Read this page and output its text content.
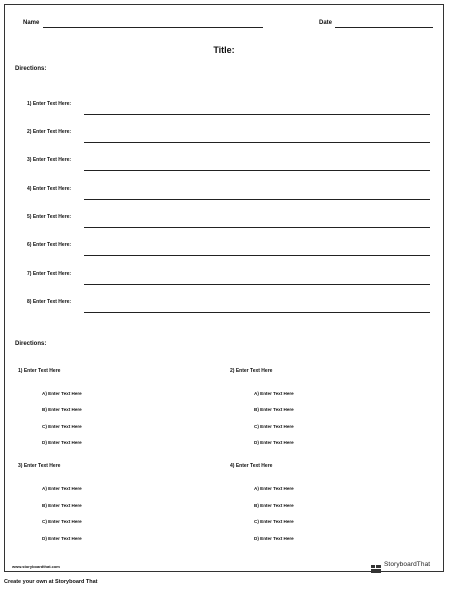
Name	Date
Title:
Directions:
1) Enter Text Here:
2) Enter Text Here:
3) Enter Text Here:
4) Enter Text Here:
5) Enter Text Here:
6) Enter Text Here:
7) Enter Text Here:
8) Enter Text Here:
Directions:
1) Enter Text Here
A) Enter Text Here
B) Enter Text Here
C) Enter Text Here
D) Enter Text Here
2) Enter Text Here
A) Enter Text Here
B) Enter Text Here
C) Enter Text Here
D) Enter Text Here
3) Enter Text Here
A) Enter Text Here
B) Enter Text Here
C) Enter Text Here
D) Enter Text Here
4) Enter Text Here
A) Enter Text Here
B) Enter Text Here
C) Enter Text Here
D) Enter Text Here
www.storyboardthat.com	StoryboardThat
Create your own at Storyboard That
